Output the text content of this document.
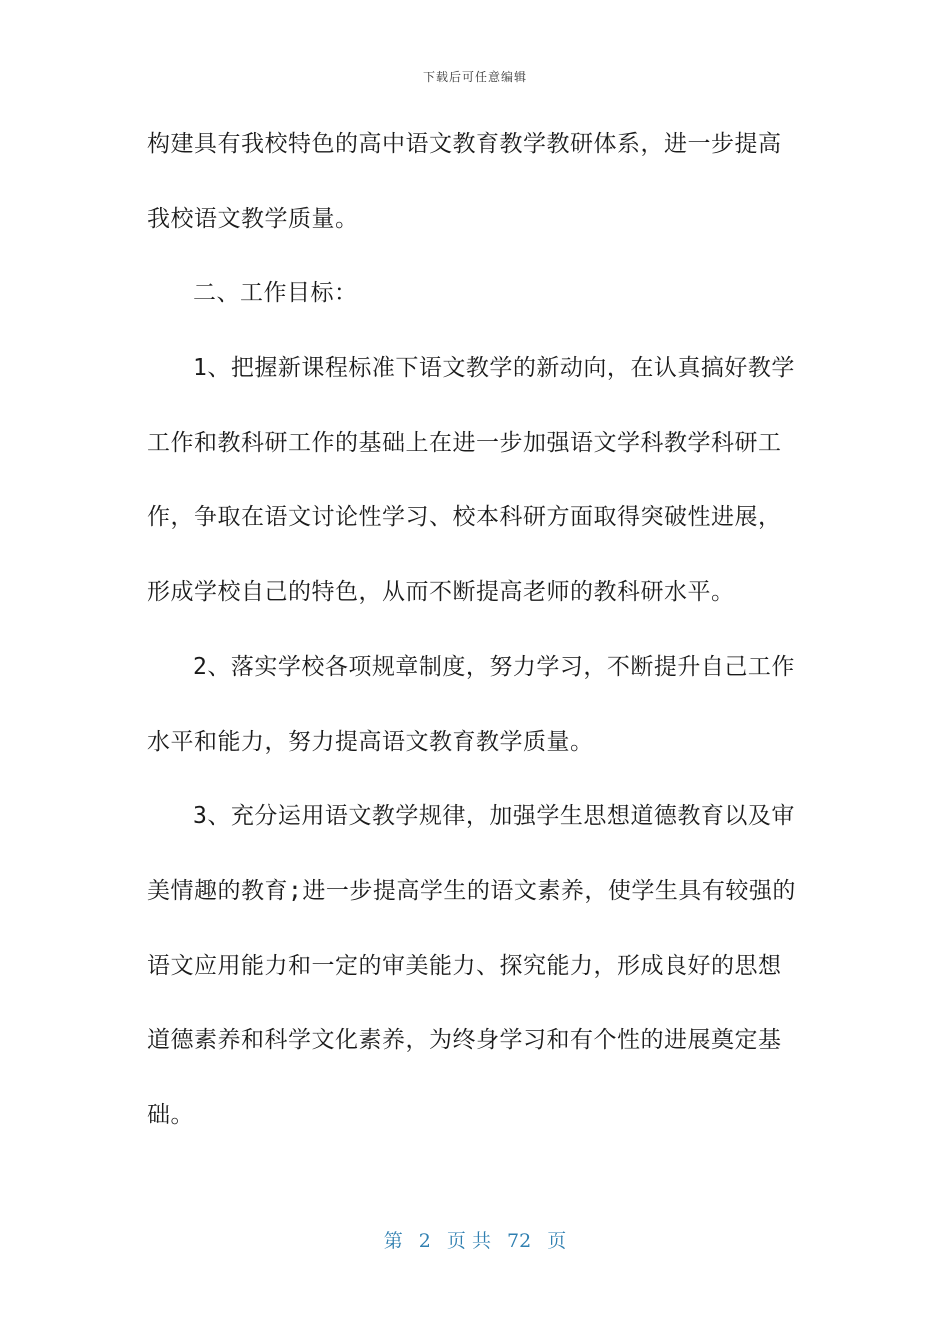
下载后可任意编辑
构建具有我校特色的高中语文教育教学教研体系，进一步提高
我校语文教学质量。
二、工作目标：
1、把握新课程标准下语文教学的新动向，在认真搞好教学
工作和教科研工作的基础上在进一步加强语文学科教学科研工
作，争取在语文讨论性学习、校本科研方面取得突破性进展，
形成学校自己的特色，从而不断提高老师的教科研水平。
2、落实学校各项规章制度，努力学习，不断提升自己工作
水平和能力，努力提高语文教育教学质量。
3、充分运用语文教学规律，加强学生思想道德教育以及审
美情趣的教育;进一步提高学生的语文素养，使学生具有较强的
语文应用能力和一定的审美能力、探究能力，形成良好的思想
道德素养和科学文化素养，为终身学习和有个性的进展奠定基
础。
第 2 页 共 72 页
